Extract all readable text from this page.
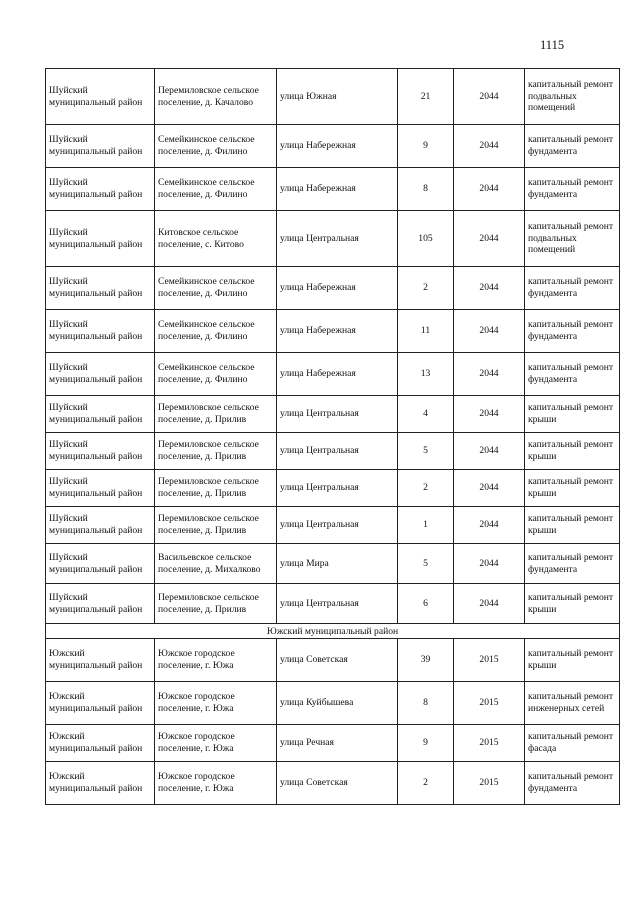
1115
Шуйский муниципальный район	Перемиловское сельское поселение, д. Качалово	улица Южная	21	2044	капитальный ремонт подвальных помещений
Шуйский муниципальный район	Семейкинское сельское поселение, д. Филино	улица Набережная	9	2044	капитальный ремонт фундамента
Шуйский муниципальный район	Семейкинское сельское поселение, д. Филино	улица Набережная	8	2044	капитальный ремонт фундамента
Шуйский муниципальный район	Китовское сельское поселение, с. Китово	улица Центральная	105	2044	капитальный ремонт подвальных помещений
Шуйский муниципальный район	Семейкинское сельское поселение, д. Филино	улица Набережная	2	2044	капитальный ремонт фундамента
Шуйский муниципальный район	Семейкинское сельское поселение, д. Филино	улица Набережная	11	2044	капитальный ремонт фундамента
Шуйский муниципальный район	Семейкинское сельское поселение, д. Филино	улица Набережная	13	2044	капитальный ремонт фундамента
Шуйский муниципальный район	Перемиловское сельское поселение, д. Прилив	улица Центральная	4	2044	капитальный ремонт крыши
Шуйский муниципальный район	Перемиловское сельское поселение, д. Прилив	улица Центральная	5	2044	капитальный ремонт крыши
Шуйский муниципальный район	Перемиловское сельское поселение, д. Прилив	улица Центральная	2	2044	капитальный ремонт крыши
Шуйский муниципальный район	Перемиловское сельское поселение, д. Прилив	улица Центральная	1	2044	капитальный ремонт крыши
Шуйский муниципальный район	Васильевское сельское поселение, д. Михалково	улица Мира	5	2044	капитальный ремонт фундамента
Шуйский муниципальный район	Перемиловское сельское поселение, д. Прилив	улица Центральная	6	2044	капитальный ремонт крыши
Южский муниципальный район					
Южский муниципальный район	Южское городское поселение, г. Южа	улица Советская	39	2015	капитальный ремонт крыши
Южский муниципальный район	Южское городское поселение, г. Южа	улица Куйбышева	8	2015	капитальный ремонт инженерных сетей
Южский муниципальный район	Южское городское поселение, г. Южа	улица Речная	9	2015	капитальный ремонт фасада
Южский муниципальный район	Южское городское поселение, г. Южа	улица Советская	2	2015	капитальный ремонт фундамента
